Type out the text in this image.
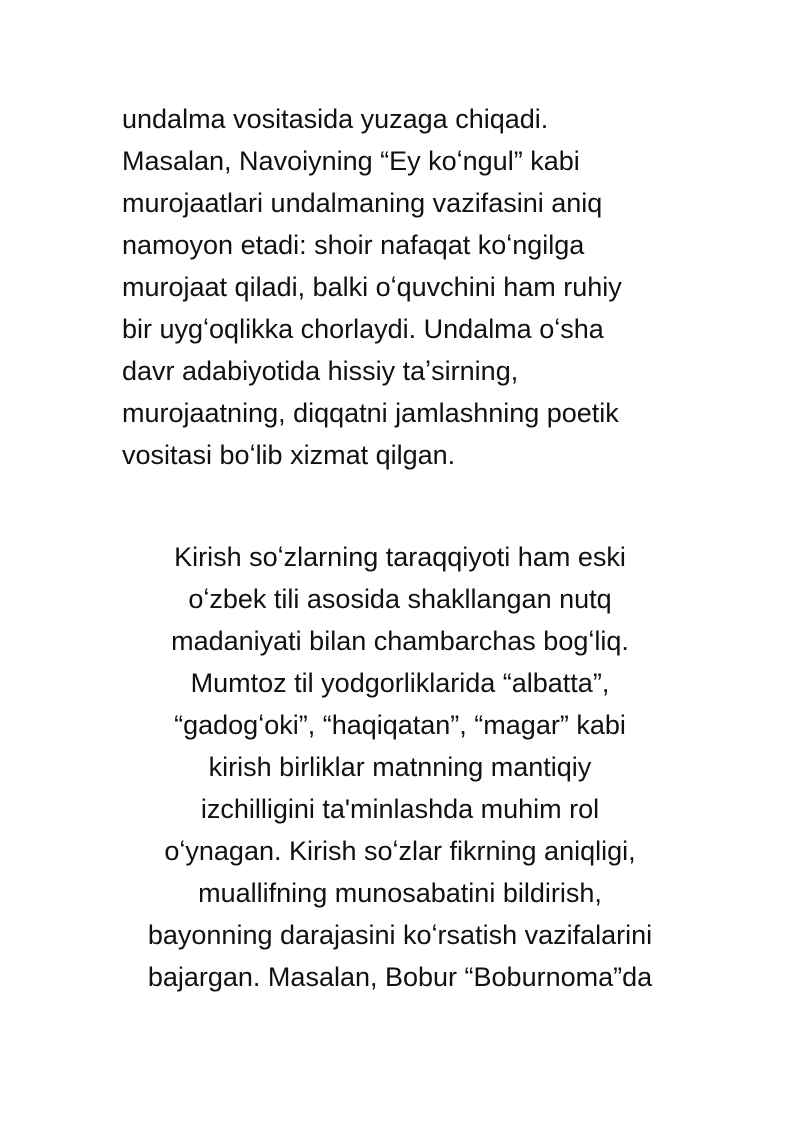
undalma vositasida yuzaga chiqadi.
Masalan, Navoiyning “Ey koʻngul” kabi
murojaatlari undalmaning vazifasini aniq
namoyon etadi: shoir nafaqat koʻngilga
murojaat qiladi, balki oʻquvchini ham ruhiy
bir uygʻoqlikka chorlaydi. Undalma oʻsha
davr adabiyotida hissiy taʼsirning,
murojaatning, diqqatni jamlashning poetik
vositasi boʻlib xizmat qilgan.
Kirish soʻzlarning taraqqiyoti ham eski
oʻzbek tili asosida shakllangan nutq
madaniyati bilan chambarchas bogʻliq.
Mumtoz til yodgorliklarida “albatta”,
“gadogʻoki”, “haqiqatan”, “magar” kabi
kirish birliklar matnning mantiqiy
izchilligini ta'minlashda muhim rol
oʻynagan. Kirish soʻzlar fikrning aniqligi,
muallifning munosabatini bildirish,
bayonning darajasini koʻrsatish vazifalarini
bajargan. Masalan, Bobur “Boburnoma”da
